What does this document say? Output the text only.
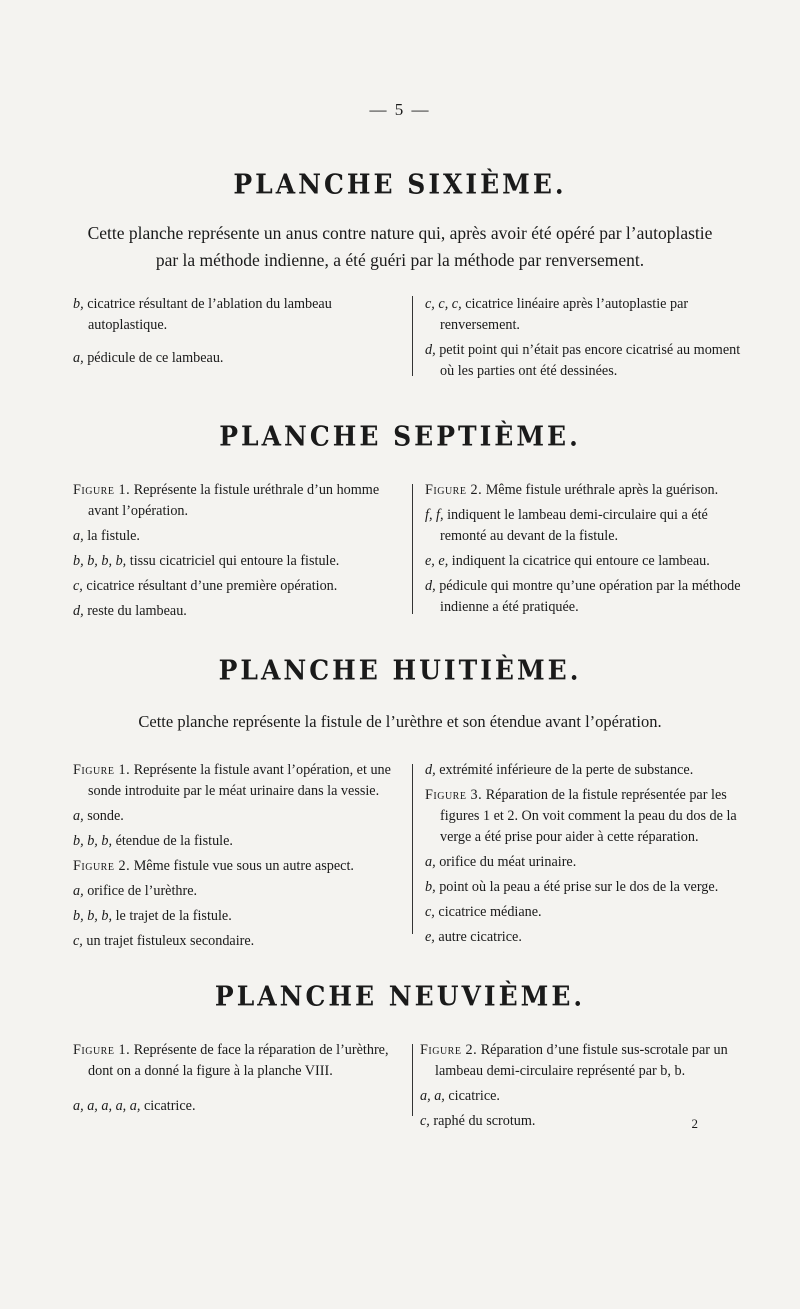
— 5 —
PLANCHE SIXIÈME.
Cette planche représente un anus contre nature qui, après avoir été opéré par l’autoplastie
par la méthode indienne, a été guéri par la méthode par renversement.

b, cicatrice résultant de l’ablation du lambeau autoplastique.

a, pédicule de ce lambeau.

c, c, c, cicatrice linéaire après l’autoplastie par renversement.

d, petit point qui n’était pas encore cicatrisé au moment où les parties ont été dessinées.

PLANCHE SEPTIÈME.

Figure 1. Représente la fistule uréthrale d’un homme avant l’opération.

a, la fistule.

b, b, b, b, tissu cicatriciel qui entoure la fistule.

c, cicatrice résultant d’une première opération.

d, reste du lambeau.

Figure 2. Même fistule uréthrale après la guérison.

f, f, indiquent le lambeau demi-circulaire qui a été remonté au devant de la fistule.

e, e, indiquent la cicatrice qui entoure ce lambeau.

d, pédicule qui montre qu’une opération par la méthode indienne a été pratiquée.

PLANCHE HUITIÈME.
Cette planche représente la fistule de l’urèthre et son étendue avant l’opération.

Figure 1. Représente la fistule avant l’opération, et une sonde introduite par le méat urinaire dans la vessie.

a, sonde.

b, b, b, étendue de la fistule.

Figure 2. Même fistule vue sous un autre aspect.

a, orifice de l’urèthre.

b, b, b, le trajet de la fistule.

c, un trajet fistuleux secondaire.

d, extrémité inférieure de la perte de substance.

Figure 3. Réparation de la fistule représentée par les figures 1 et 2. On voit comment la peau du dos de la verge a été prise pour aider à cette réparation.

a, orifice du méat urinaire.

b, point où la peau a été prise sur le dos de la verge.

c, cicatrice médiane.

e, autre cicatrice.

PLANCHE NEUVIÈME.

Figure 1. Représente de face la réparation de l’urèthre, dont on a donné la figure à la planche VIII.

a, a, a, a, a, cicatrice.

Figure 2. Réparation d’une fistule sus-scrotale par un lambeau demi-circulaire représenté par b, b.

a, a, cicatrice.

c, raphé du scrotum.	2
